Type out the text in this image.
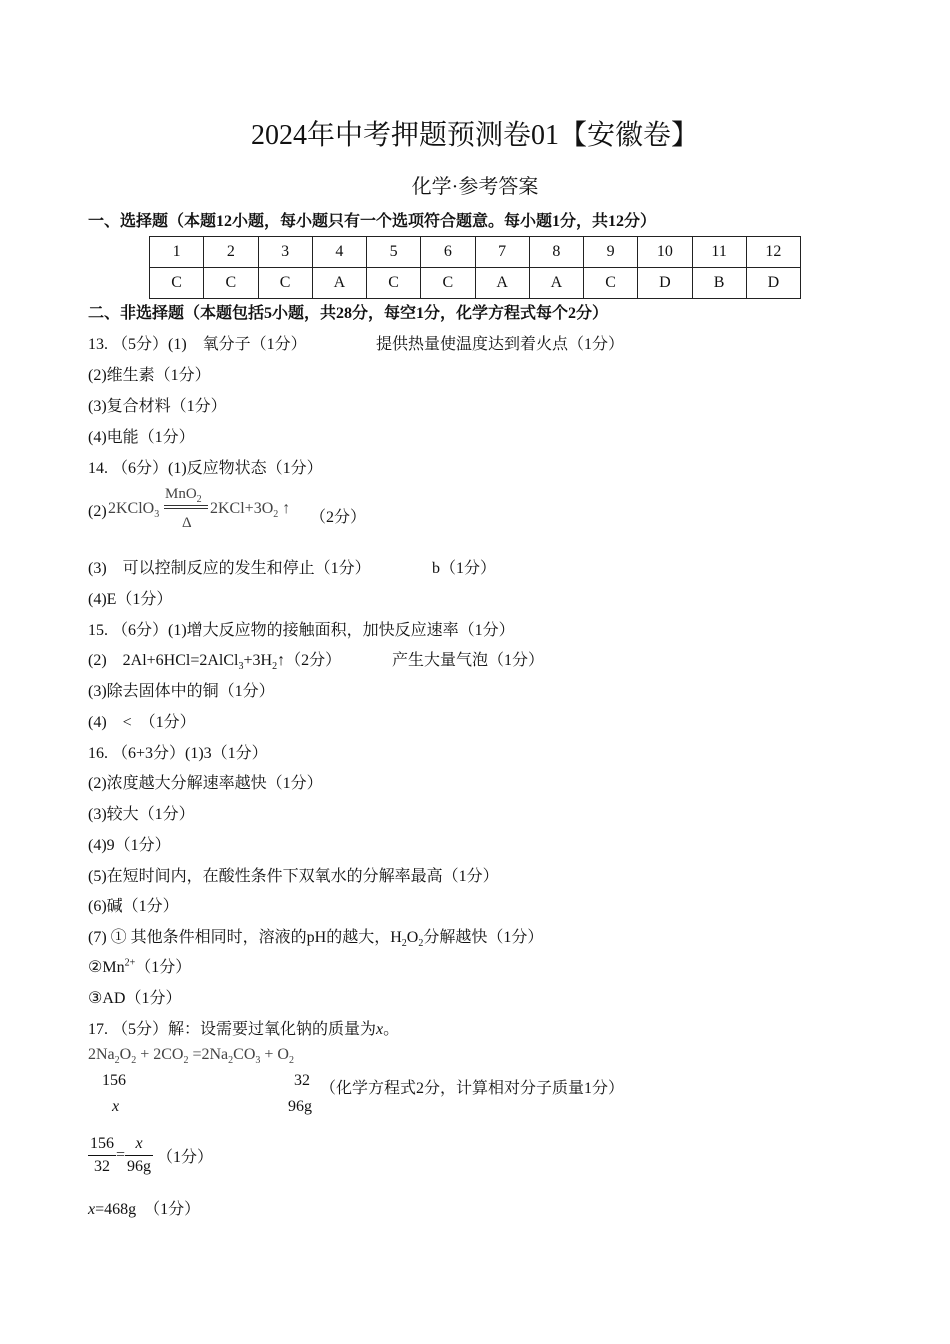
2024年中考押题预测卷01【安徽卷】
化学·参考答案
一、选择题（本题12小题，每小题只有一个选项符合题意。每小题1分，共12分）
1	2	3	4	5	6	7	8	9	10	11	12
C	C	C	A	C	C	A	A	C	D	B	D
二、非选择题（本题包括5小题，共28分，每空1分，化学方程式每个2分）
13. （5分）(1)　氧分子（1分）	提供热量使温度达到着火点（1分）
(2)维生素（1分）
(3)复合材料（1分）
(4)电能（1分）
14. （6分）(1)反应物状态（1分）
(2) 2KClO$_3$
MnO$_2$
Δ
$2KCl+3O_2$ ↑
（2分）
(3)　可以控制反应的发生和停止（1分）	b（1分）
(4)E（1分）
15. （6分）(1)增大反应物的接触面积，加快反应速率（1分）
(2)　$2Al+6HCl=2AlCl_3+3H_2↑(2$分）	产生大量气泡（1分）
(3)除去固体中的铜（1分）
(4)　<　（1分）
16. （6+3分）(1)3（1分）
(2)浓度越大分解速率越快（1分）
(3)较大（1分）
(4)9（1分）
(5)在短时间内，在酸性条件下双氧水的分解率最高（1分）
(6)碱（1分）
(7) ① 其他条件相同时，溶液的pH的越大，$H_2O_2$分解越快（1分）
$②Mn^{2+}(1$分）
③AD（1分）
17. （5分）解：设需要过氧化钠的质量为x。
$2Na_2O_2 + 2CO_2 =2Na_2CO_3 + O_2$
156	32 （化学方程式2分，计算相对分子质量1分）
x	96g
$\frac{156}{32} = \frac{x}{96g} (1$分）
x=468g　 （1分）
